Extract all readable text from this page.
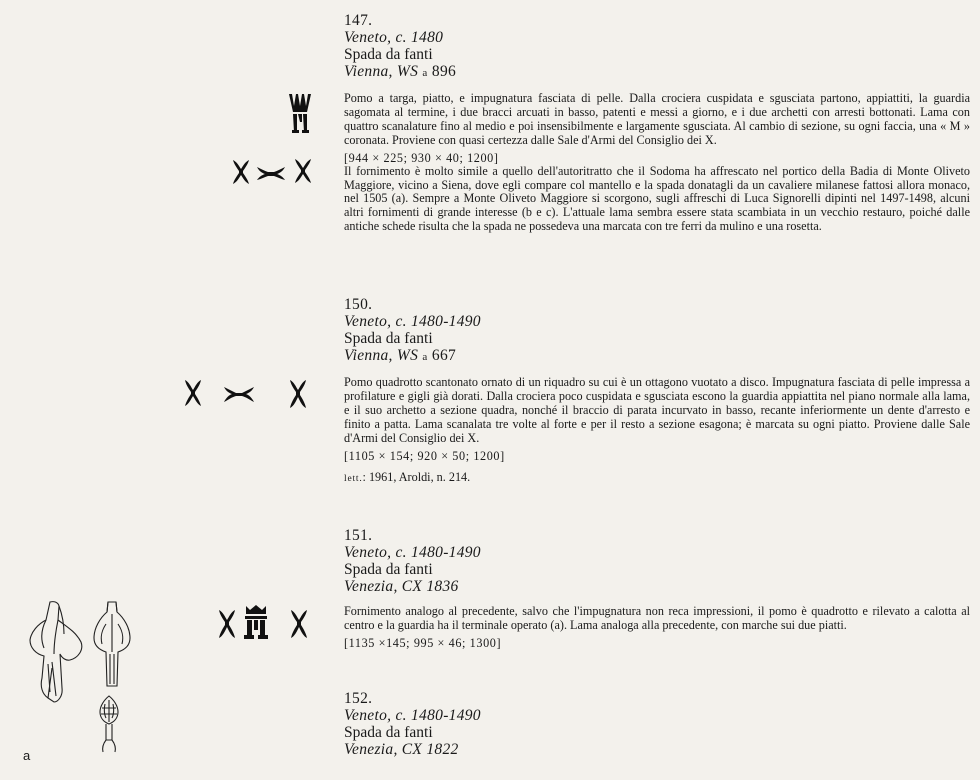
147.

Veneto, c. 1480

Spada da fanti

Vienna, WS a 896

Pomo a targa, piatto, e impugnatura fasciata di pelle. Dalla crociera cuspidata e sgusciata partono, appiattiti, la guardia sagomata al termine, i due bracci arcuati in basso, patenti e messi a giorno, e i due archetti con arresti bottonati. Lama con quattro scanalature fino al medio e poi insensibilmente e largamente sgusciata. Al cambio di sezione, su ogni faccia, una « M » coronata. Proviene con quasi certezza dalle Sale d'Armi del Consiglio dei X.

[944 × 225; 930 × 40; 1200]

Il fornimento è molto simile a quello dell'autoritratto che il Sodoma ha affrescato nel portico della Badia di Monte Oliveto Maggiore, vicino a Siena, dove egli compare col mantello e la spada donatagli da un cavaliere milanese fattosi allora monaco, nel 1505 (a). Sempre a Monte Oliveto Maggiore si scorgono, sugli affreschi di Luca Signorelli dipinti nel 1497-1498, alcuni altri fornimenti di grande interesse (b e c). L'attuale lama sembra essere stata scambiata in un vecchio restauro, poiché dalle antiche schede risulta che la spada ne possedeva una marcata con tre ferri da mulino e una rosetta.

150.

Veneto, c. 1480-1490

Spada da fanti

Vienna, WS a 667

Pomo quadrotto scantonato ornato di un riquadro su cui è un ottagono vuotato a disco. Impugnatura fasciata di pelle impressa a profilature e gigli già dorati. Dalla crociera poco cuspidata e sgusciata escono la guardia appiattita nel piano normale alla lama, e il suo archetto a sezione quadra, nonché il braccio di parata incurvato in basso, recante inferiormente un dente d'arresto e finito a patta. Lama scanalata tre volte al forte e per il resto a sezione esagona; è marcata su ogni piatto. Proviene dalle Sale d'Armi del Consiglio dei X.

[1105 × 154; 920 × 50; 1200]

lett.: 1961, Aroldi, n. 214.

151.

Veneto, c. 1480-1490

Spada da fanti

Venezia, CX 1836

Fornimento analogo al precedente, salvo che l'impugnatura non reca impressioni, il pomo è quadrotto e rilevato a calotta al centro e la guardia ha il terminale operato (a). Lama analoga alla precedente, con marche sui due piatti.

[1135 ×145; 995 × 46; 1300]

152.

Veneto, c. 1480-1490

Spada da fanti

Venezia, CX 1822

a
